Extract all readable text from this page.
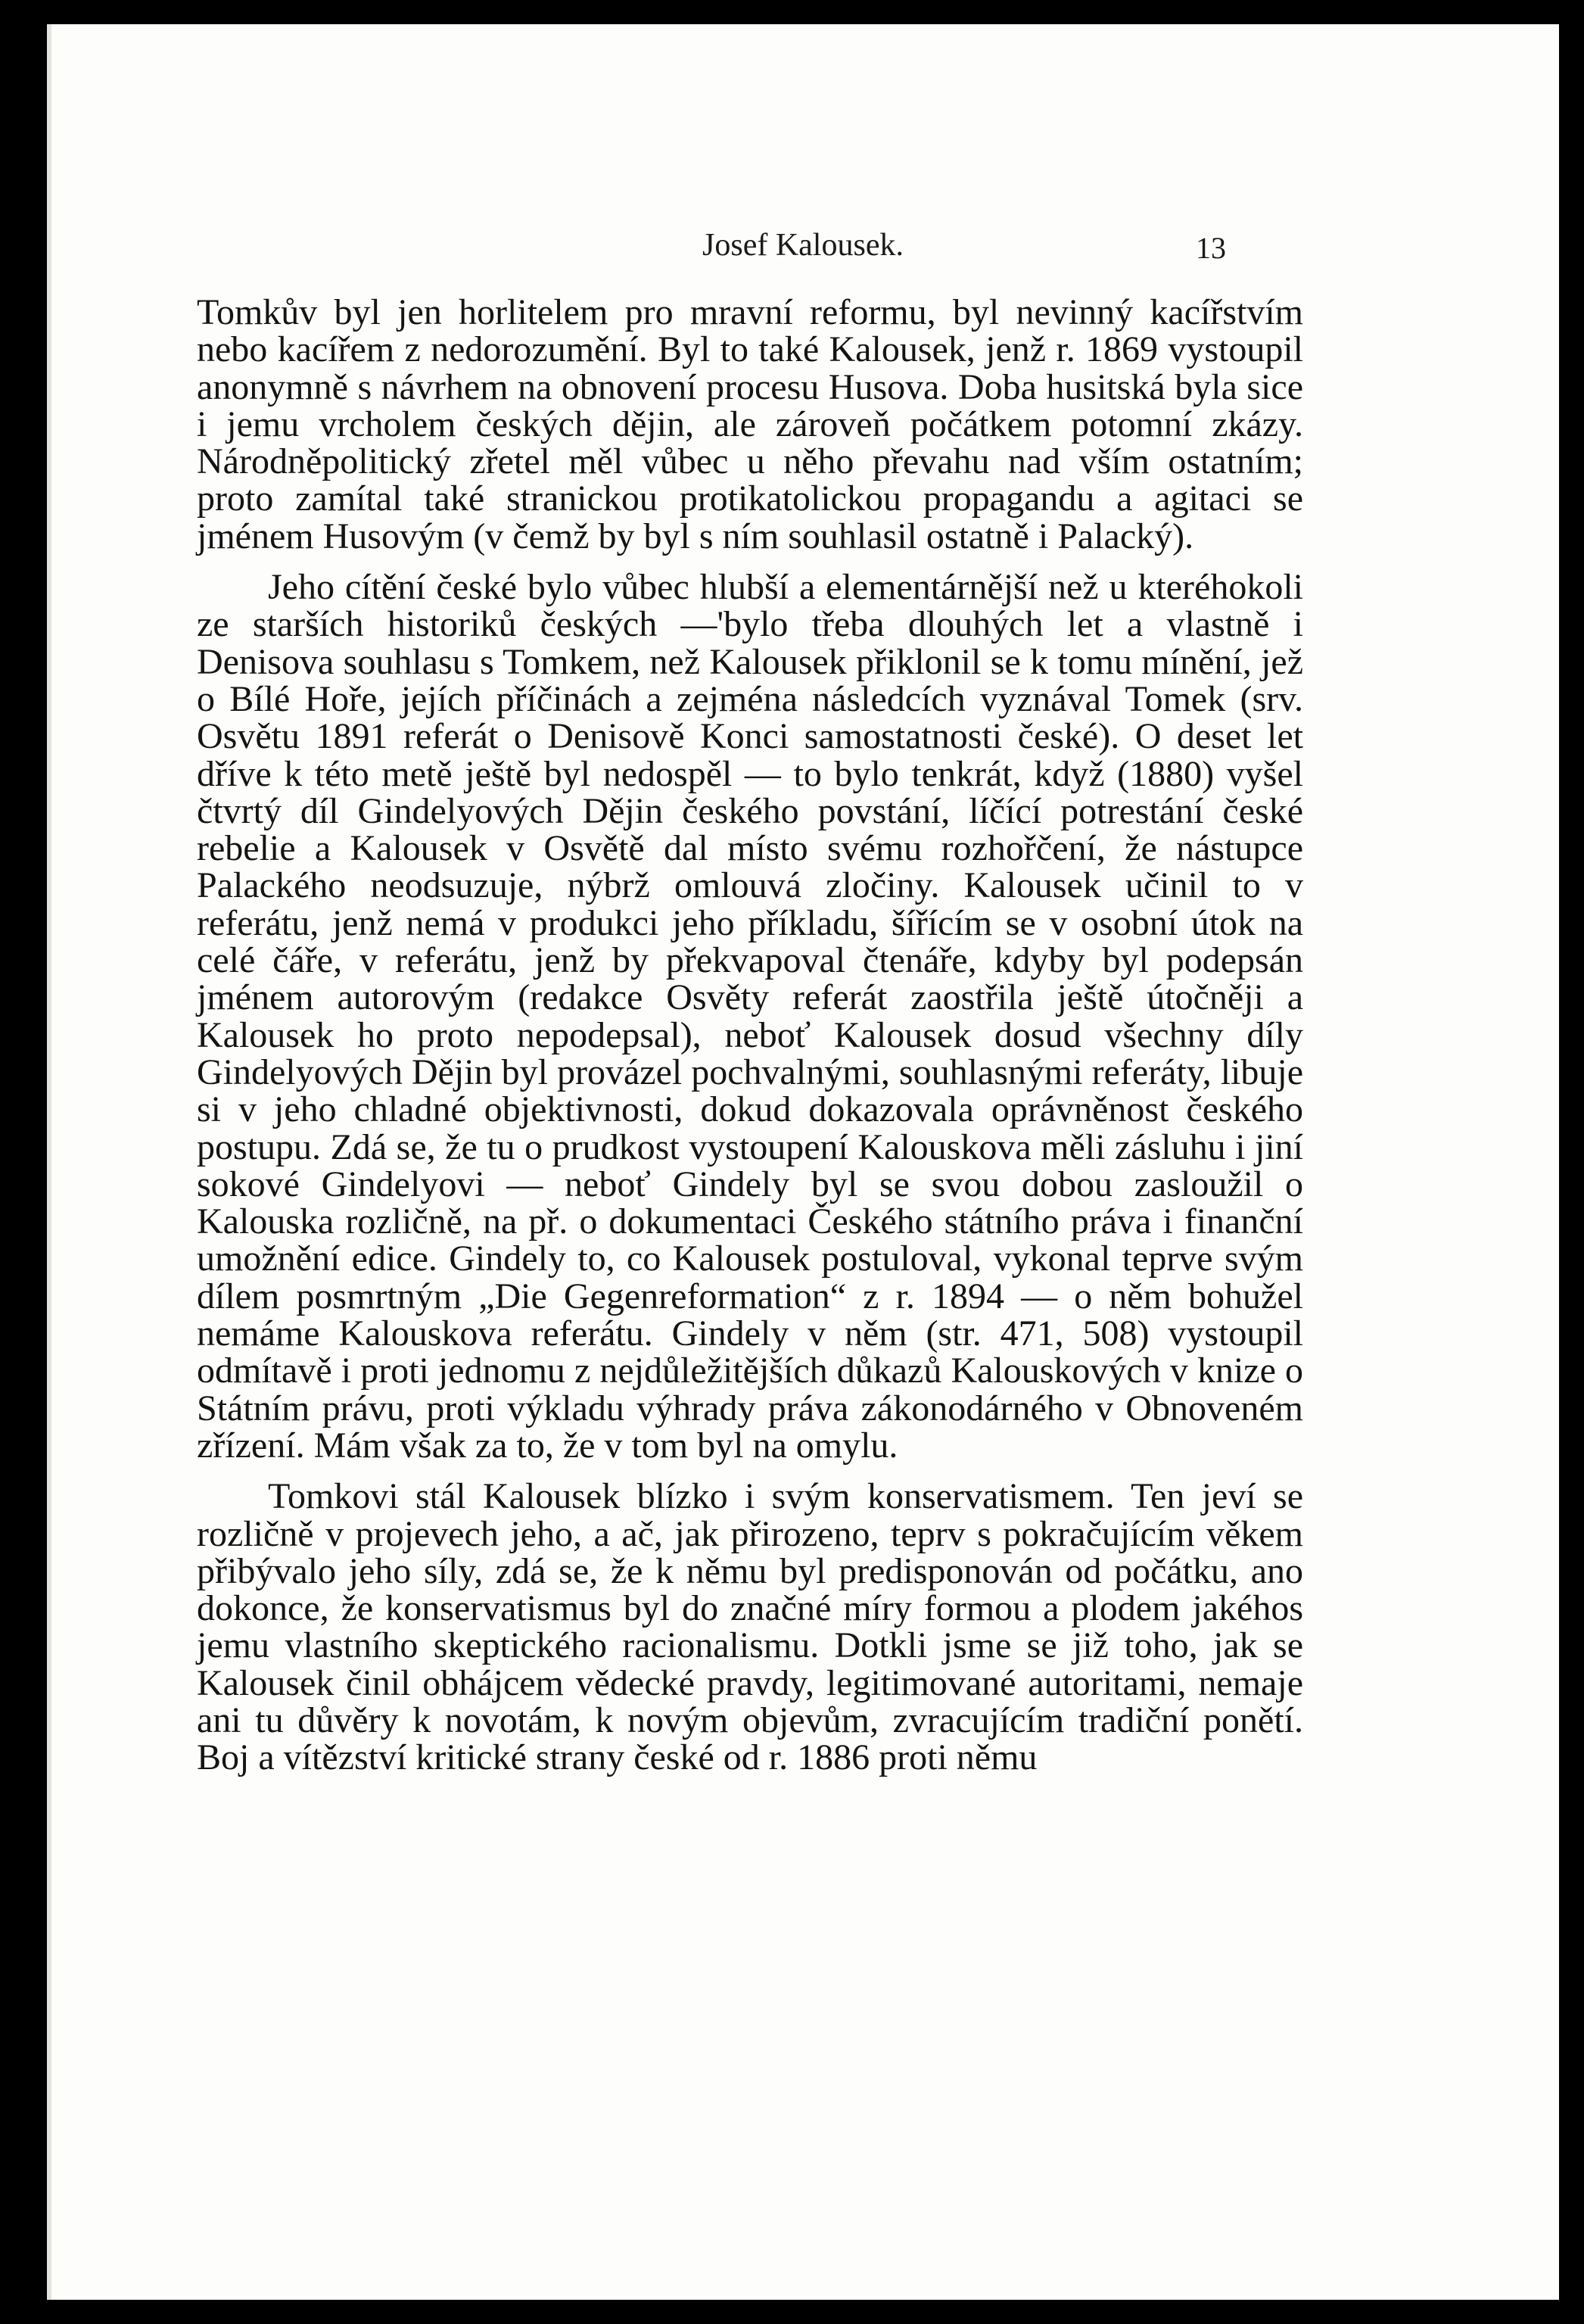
Josef Kalousek.	13

Tomkův byl jen horlitelem pro mravní reformu, byl nevinný kacířstvím nebo kacířem z nedorozumění. Byl to také Kalousek, jenž r. 1869 vystoupil anonymně s návrhem na obnovení procesu Husova. Doba husitská byla sice i jemu vrcholem českých dějin, ale zároveň počátkem potomní zkázy. Národněpolitický zřetel měl vůbec u něho převahu nad vším ostatním; proto zamítal také stranickou protikatolickou propagandu a agitaci se jménem Husovým (v čemž by byl s ním souhlasil ostatně i Palacký).

Jeho cítění české bylo vůbec hlubší a elementárnější než u kteréhokoli ze starších historiků českých —'bylo třeba dlouhých let a vlastně i Denisova souhlasu s Tomkem, než Kalousek přiklonil se k tomu mínění, jež o Bílé Hoře, jejích příčinách a zejména následcích vyznával Tomek (srv. Osvětu 1891 referát o Denisově Konci samostatnosti české). O deset let dříve k této metě ještě byl nedospěl — to bylo tenkrát, když (1880) vyšel čtvrtý díl Gindelyových Dějin českého povstání, líčící potrestání české rebelie a Kalousek v Osvětě dal místo svému rozhořčení, že nástupce Palackého neodsuzuje, nýbrž omlouvá zločiny. Kalousek učinil to v referátu, jenž nemá v produkci jeho příkladu, šířícím se v osobní útok na celé čáře, v referátu, jenž by překvapoval čtenáře, kdyby byl podepsán jménem autorovým (redakce Osvěty referát zaostřila ještě útočněji a Kalousek ho proto nepodepsal), neboť Kalousek dosud všechny díly Gindelyových Dějin byl provázel pochvalnými, souhlasnými referáty, libuje si v jeho chladné objektivnosti, dokud dokazovala oprávněnost českého postupu. Zdá se, že tu o prudkost vystoupení Kalouskova měli zásluhu i jiní sokové Gindelyovi — neboť Gindely byl se svou dobou zasloužil o Kalouska rozličně, na př. o dokumentaci Českého státního práva i finanční umožnění edice. Gindely to, co Kalousek postuloval, vykonal teprve svým dílem posmrtným „Die Gegenreformation“ z r. 1894 — o něm bohužel nemáme Kalouskova referátu. Gindely v něm (str. 471, 508) vystoupil odmítavě i proti jednomu z nejdůležitějších důkazů Kalouskových v knize o Státním právu, proti výkladu výhrady práva zákonodárného v Obnoveném zřízení. Mám však za to, že v tom byl na omylu.

Tomkovi stál Kalousek blízko i svým konservatismem. Ten jeví se rozličně v projevech jeho, a ač, jak přirozeno, teprv s pokračujícím věkem přibývalo jeho síly, zdá se, že k němu byl predisponován od počátku, ano dokonce, že konservatismus byl do značné míry formou a plodem jakéhos jemu vlastního skeptického racionalismu. Dotkli jsme se již toho, jak se Kalousek činil obhájcem vědecké pravdy, legitimované autoritami, nemaje ani tu důvěry k novotám, k novým objevům, zvracujícím tradiční ponětí. Boj a vítězství kritické strany české od r. 1886 proti němu
